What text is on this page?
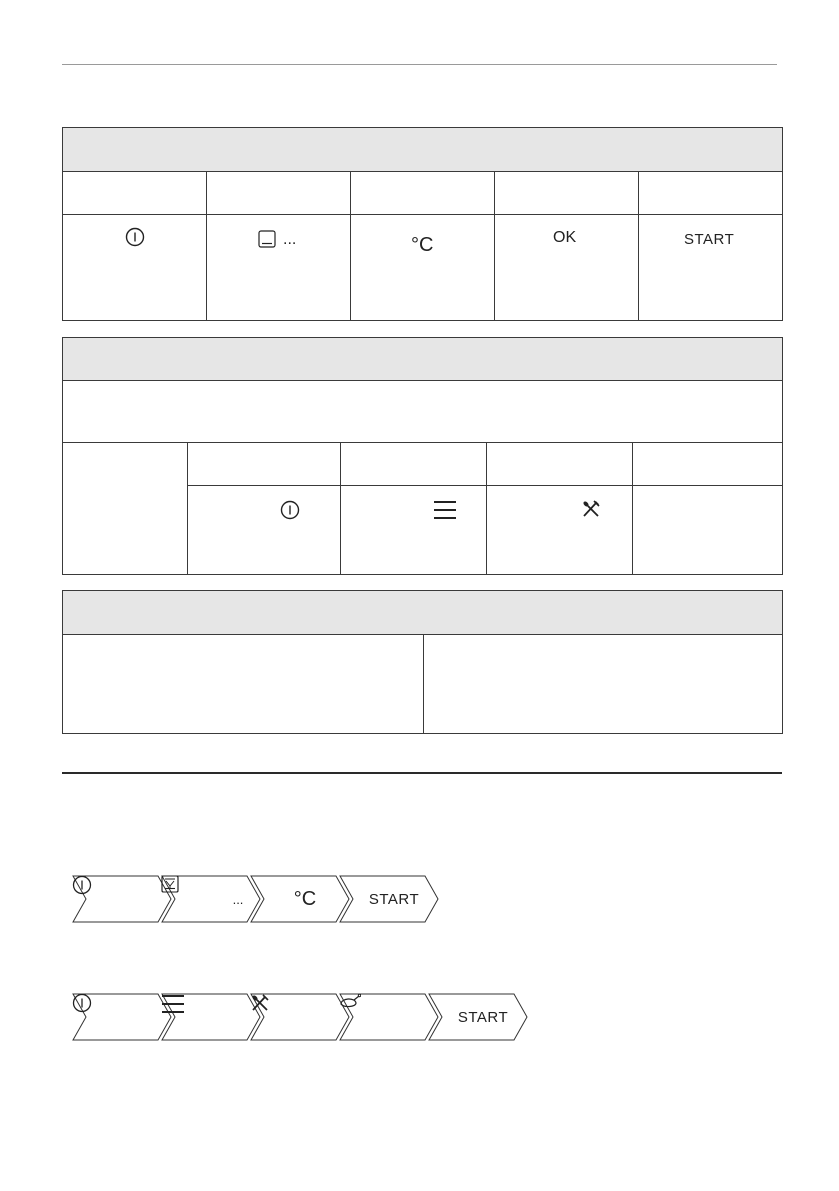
...	°C	OK	START
...	°C	START
START
